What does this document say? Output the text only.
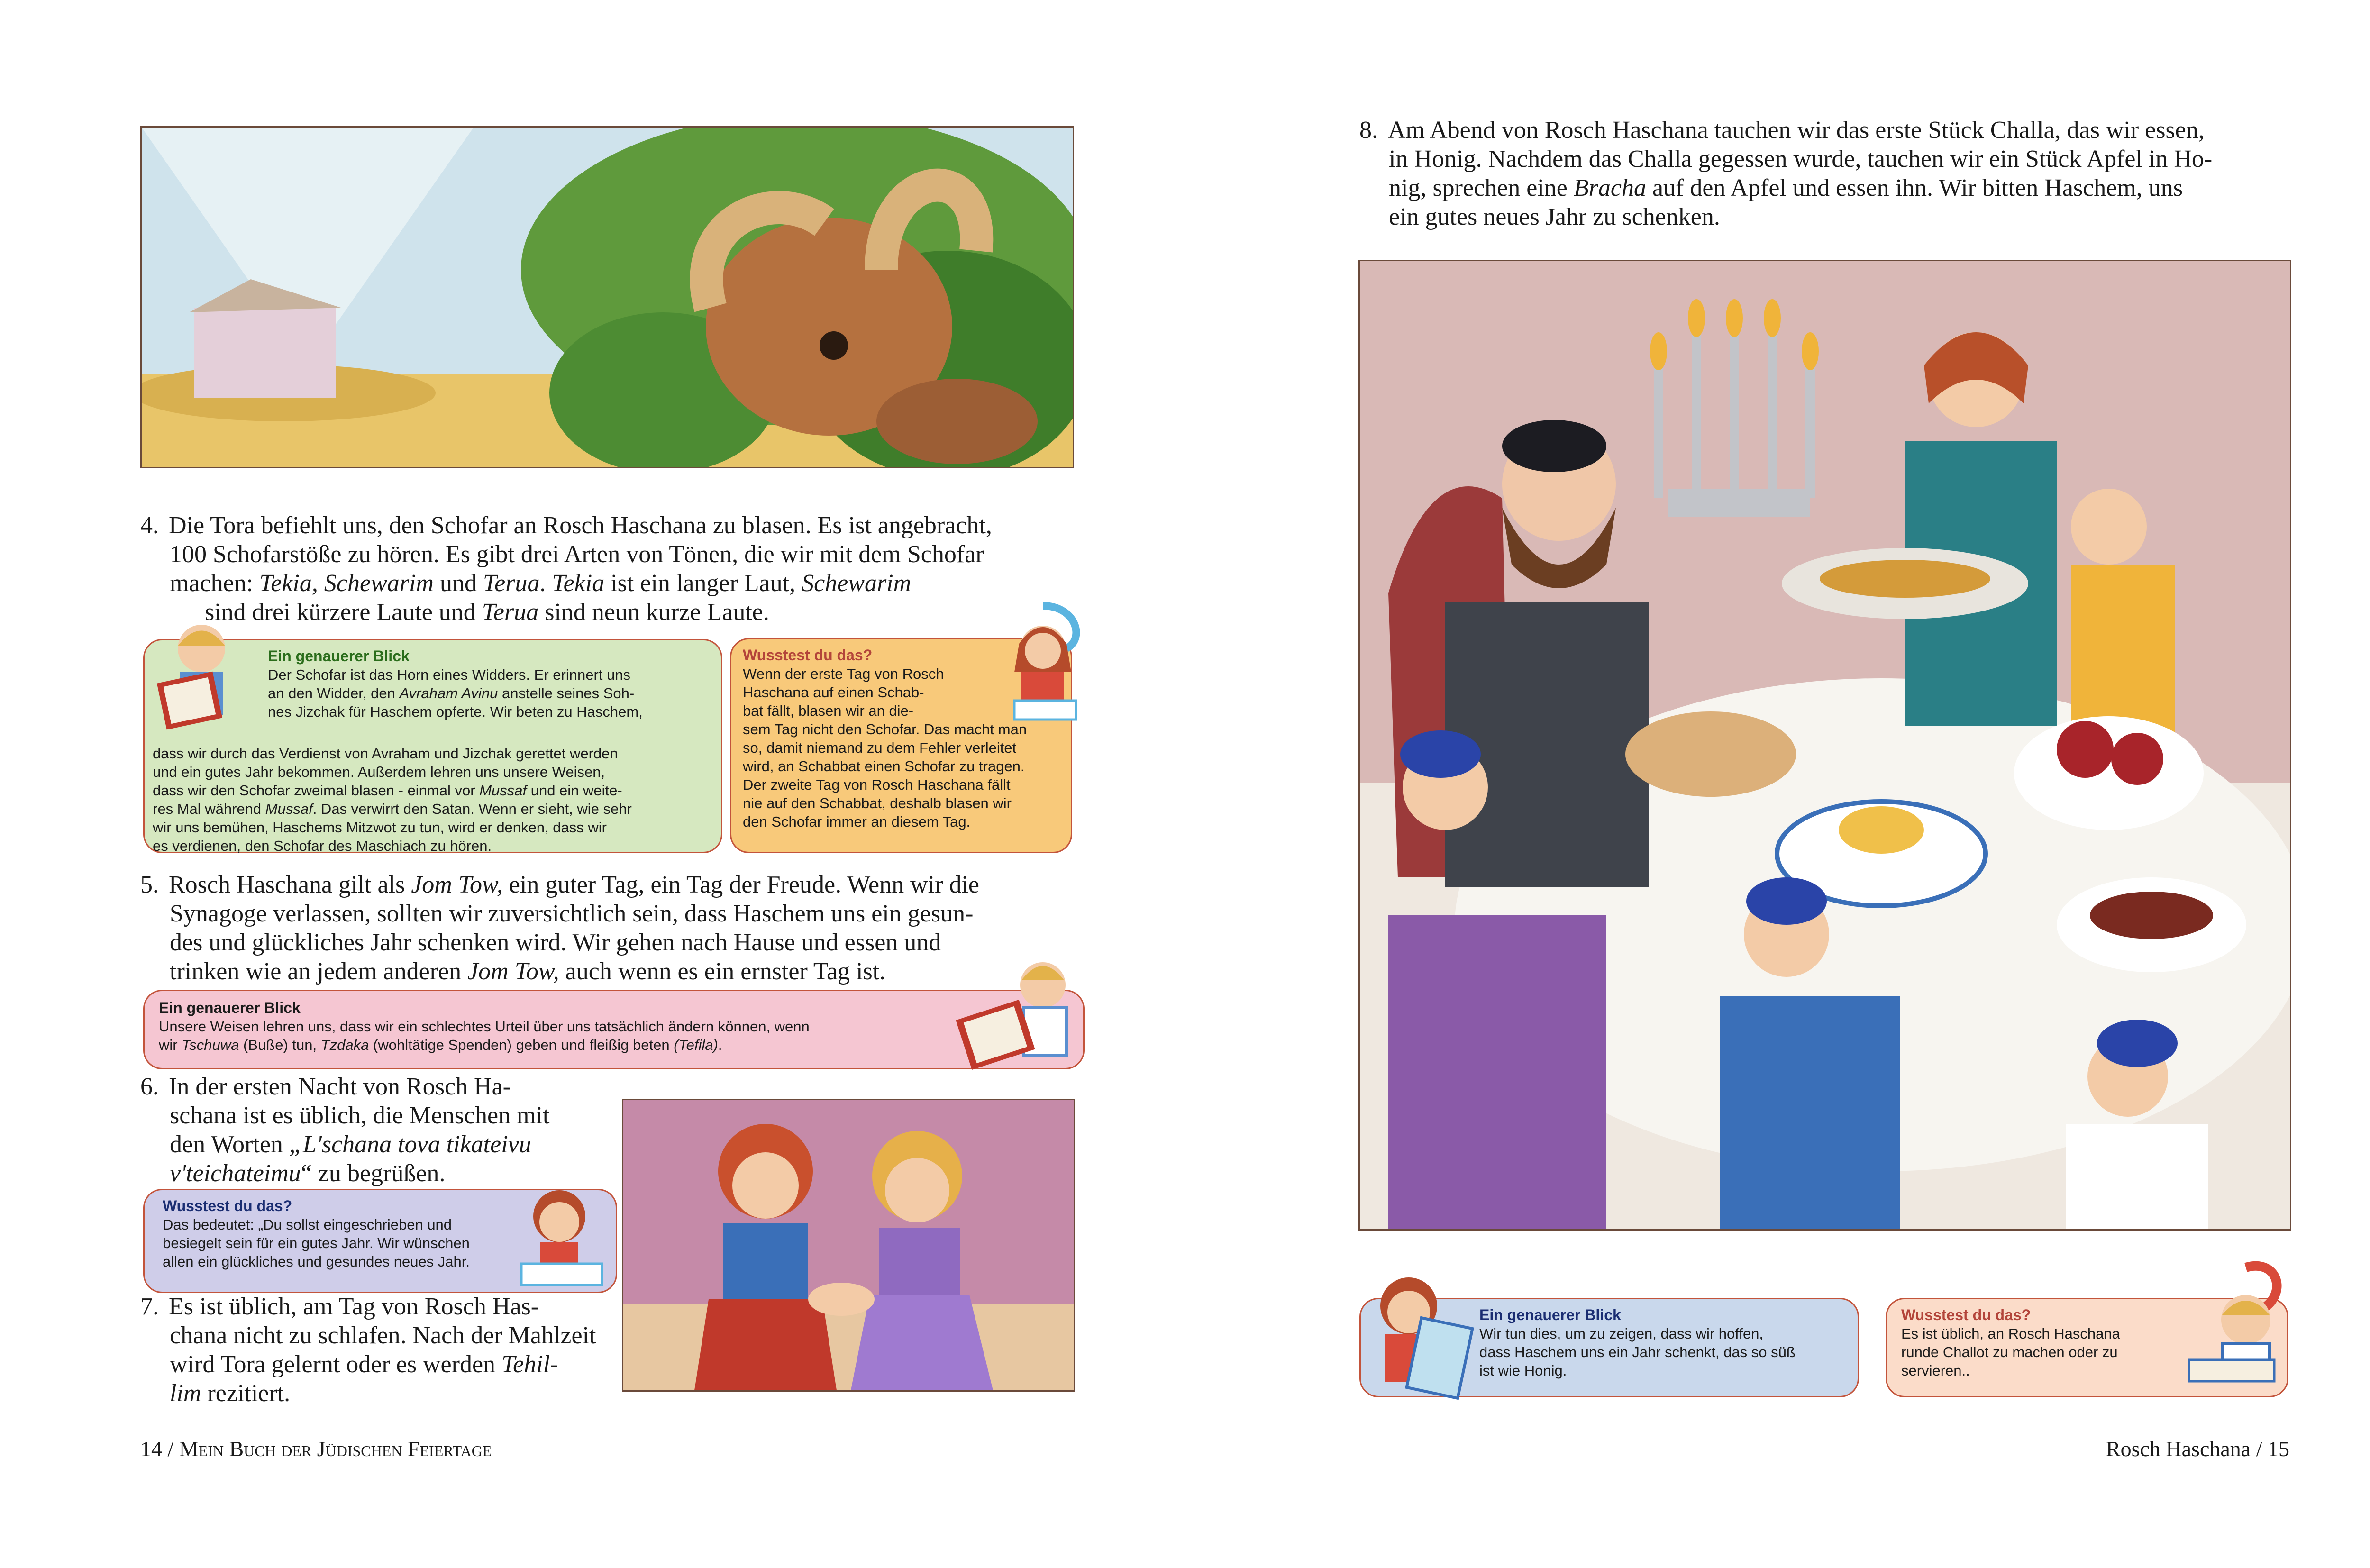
4. Die Tora befiehlt uns, den Schofar an Rosch Haschana zu blasen. Es ist angebracht,

100 Schofarstöße zu hören. Es gibt drei Arten von Tönen, die wir mit dem Schofar

machen: Tekia, Schewarim und Terua. Tekia ist ein langer Laut, Schewarim

sind drei kürzere Laute und Terua sind neun kurze Laute.

Ein genauerer Blick
Der Schofar ist das Horn eines Widders. Er erinnert uns
an den Widder, den Avraham Avinu anstelle seines Soh-
nes Jizchak für Haschem opferte. Wir beten zu Haschem,
dass wir durch das Verdienst von Avraham und Jizchak gerettet werden
und ein gutes Jahr bekommen. Außerdem lehren uns unsere Weisen,
dass wir den Schofar zweimal blasen - einmal vor Mussaf und ein weite-
res Mal während Mussaf. Das verwirrt den Satan. Wenn er sieht, wie sehr
wir uns bemühen, Haschems Mitzwot zu tun, wird er denken, dass wir
es verdienen, den Schofar des Maschiach zu hören.
Wusstest du das?
Wenn der erste Tag von Rosch
Haschana auf einen Schab-
bat fällt, blasen wir an die-
sem Tag nicht den Schofar. Das macht man
so, damit niemand zu dem Fehler verleitet
wird, an Schabbat einen Schofar zu tragen.
Der zweite Tag von Rosch Haschana fällt
nie auf den Schabbat, deshalb blasen wir
den Schofar immer an diesem Tag.

5. Rosch Haschana gilt als Jom Tow, ein guter Tag, ein Tag der Freude. Wenn wir die

Synagoge verlassen, sollten wir zuversichtlich sein, dass Haschem uns ein gesun-

des und glückliches Jahr schenken wird. Wir gehen nach Hause und essen und

trinken wie an jedem anderen Jom Tow, auch wenn es ein ernster Tag ist.

Ein genauerer Blick
Unsere Weisen lehren uns, dass wir ein schlechtes Urteil über uns tatsächlich ändern können, wenn
wir Tschuwa (Buße) tun, Tzdaka (wohltätige Spenden) geben und fleißig beten (Tefila).

6. In der ersten Nacht von Rosch Ha-

schana ist es üblich, die Menschen mit

den Worten „L'schana tova tikateivu

v'teichateimu“ zu begrüßen.

Wusstest du das?
Das bedeutet: „Du sollst eingeschrieben und
besiegelt sein für ein gutes Jahr. Wir wünschen
allen ein glückliches und gesundes neues Jahr.

7. Es ist üblich, am Tag von Rosch Has-

chana nicht zu schlafen. Nach der Mahlzeit

wird Tora gelernt oder es werden Tehil-

lim rezitiert.

14 / Mein Buch der Jüdischen Feiertage

8. Am Abend von Rosch Haschana tauchen wir das erste Stück Challa, das wir essen,

in Honig. Nachdem das Challa gegessen wurde, tauchen wir ein Stück Apfel in Ho-

nig, sprechen eine Bracha auf den Apfel und essen ihn. Wir bitten Haschem, uns

ein gutes neues Jahr zu schenken.

Ein genauerer Blick
Wir tun dies, um zu zeigen, dass wir hoffen,
dass Haschem uns ein Jahr schenkt, das so süß
ist wie Honig.
Wusstest du das?
Es ist üblich, an Rosch Haschana
runde Challot zu machen oder zu
servieren..
Rosch Haschana / 15
